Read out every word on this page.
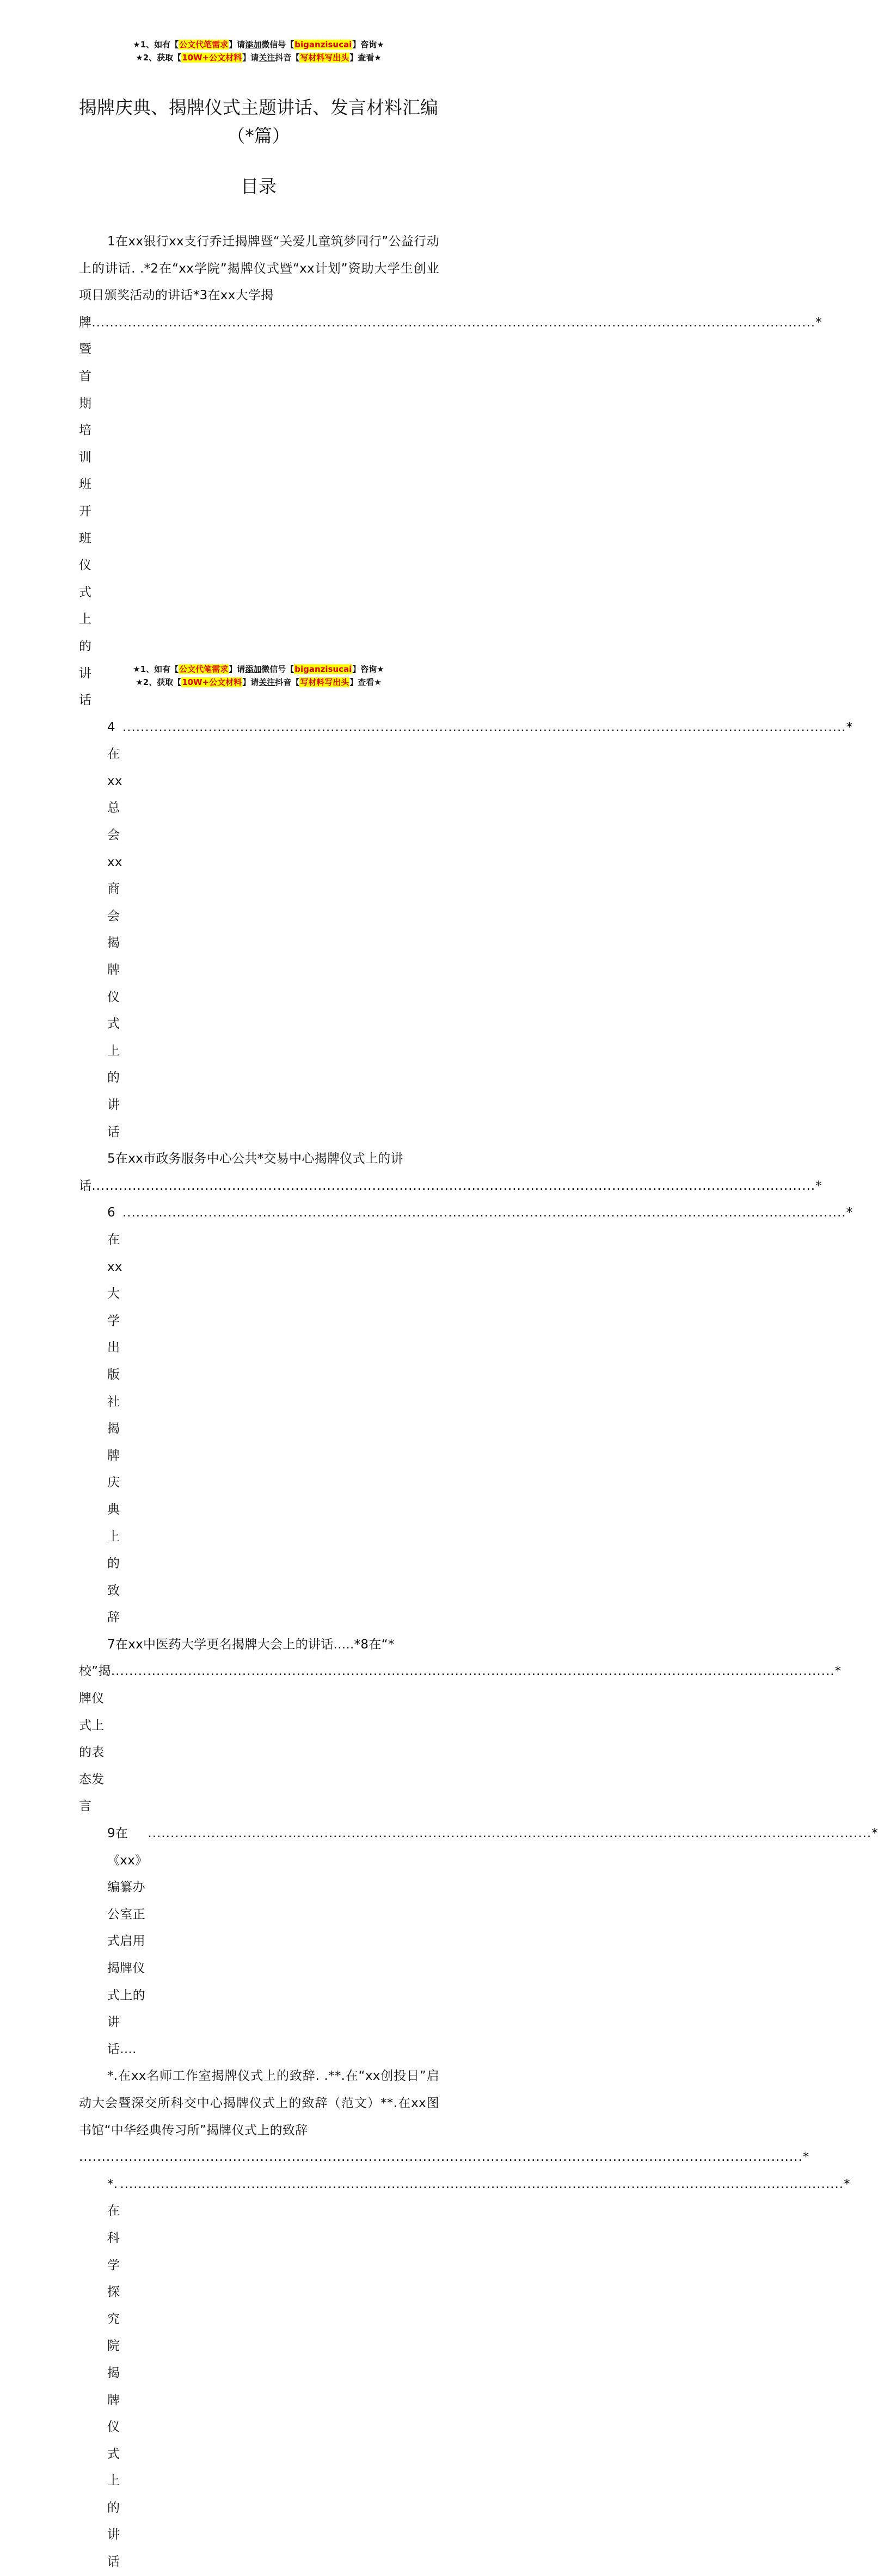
★1、如有【公文代笔需求】请添加微信号【biganzisucai】咨询★
★2、获取【10W+公文材料】请关注抖音【写材料写出头】查看★
揭牌庆典、揭牌仪式主题讲话、发言材料汇编（*篇）
目录

1在xx银行xx支行乔迁揭牌暨“关爱儿童筑梦同行”公益行动上的讲话. .*2在“xx学院”揭牌仪式暨“xx计划”资助大学生创业项目颁奖活动的讲话*3在xx大学揭

牌暨首期培训班开班仪式上的讲话
.....
*
4在xx总会xx商会揭牌仪式上的讲话
.....
*

5在xx市政务服务中心公共*交易中心揭牌仪式上的讲

话
.....	*
6在xx大学出版社揭牌庆典上的致辞
.....
*

7在xx中医药大学更名揭牌大会上的讲话.....*8在“*

校”揭牌仪式上的表态发言
.....
*
9在《xx》编纂办公室正式启用揭牌仪式上的讲话....
.....
*

*.在xx名师工作室揭牌仪式上的致辞. .**.在“xx创投日”启动大会暨深交所科交中心揭牌仪式上的致辞（范文）**.在xx图书馆“中华经典传习所”揭牌仪式上的致辞

.....
*
*.在科学探究院揭牌仪式上的讲话
.....
*
★1、如有【公文代笔需求】请添加微信号【biganzisucai】咨询★
★2、获取【10W+公文材料】请关注抖音【写材料写出头】查看★
